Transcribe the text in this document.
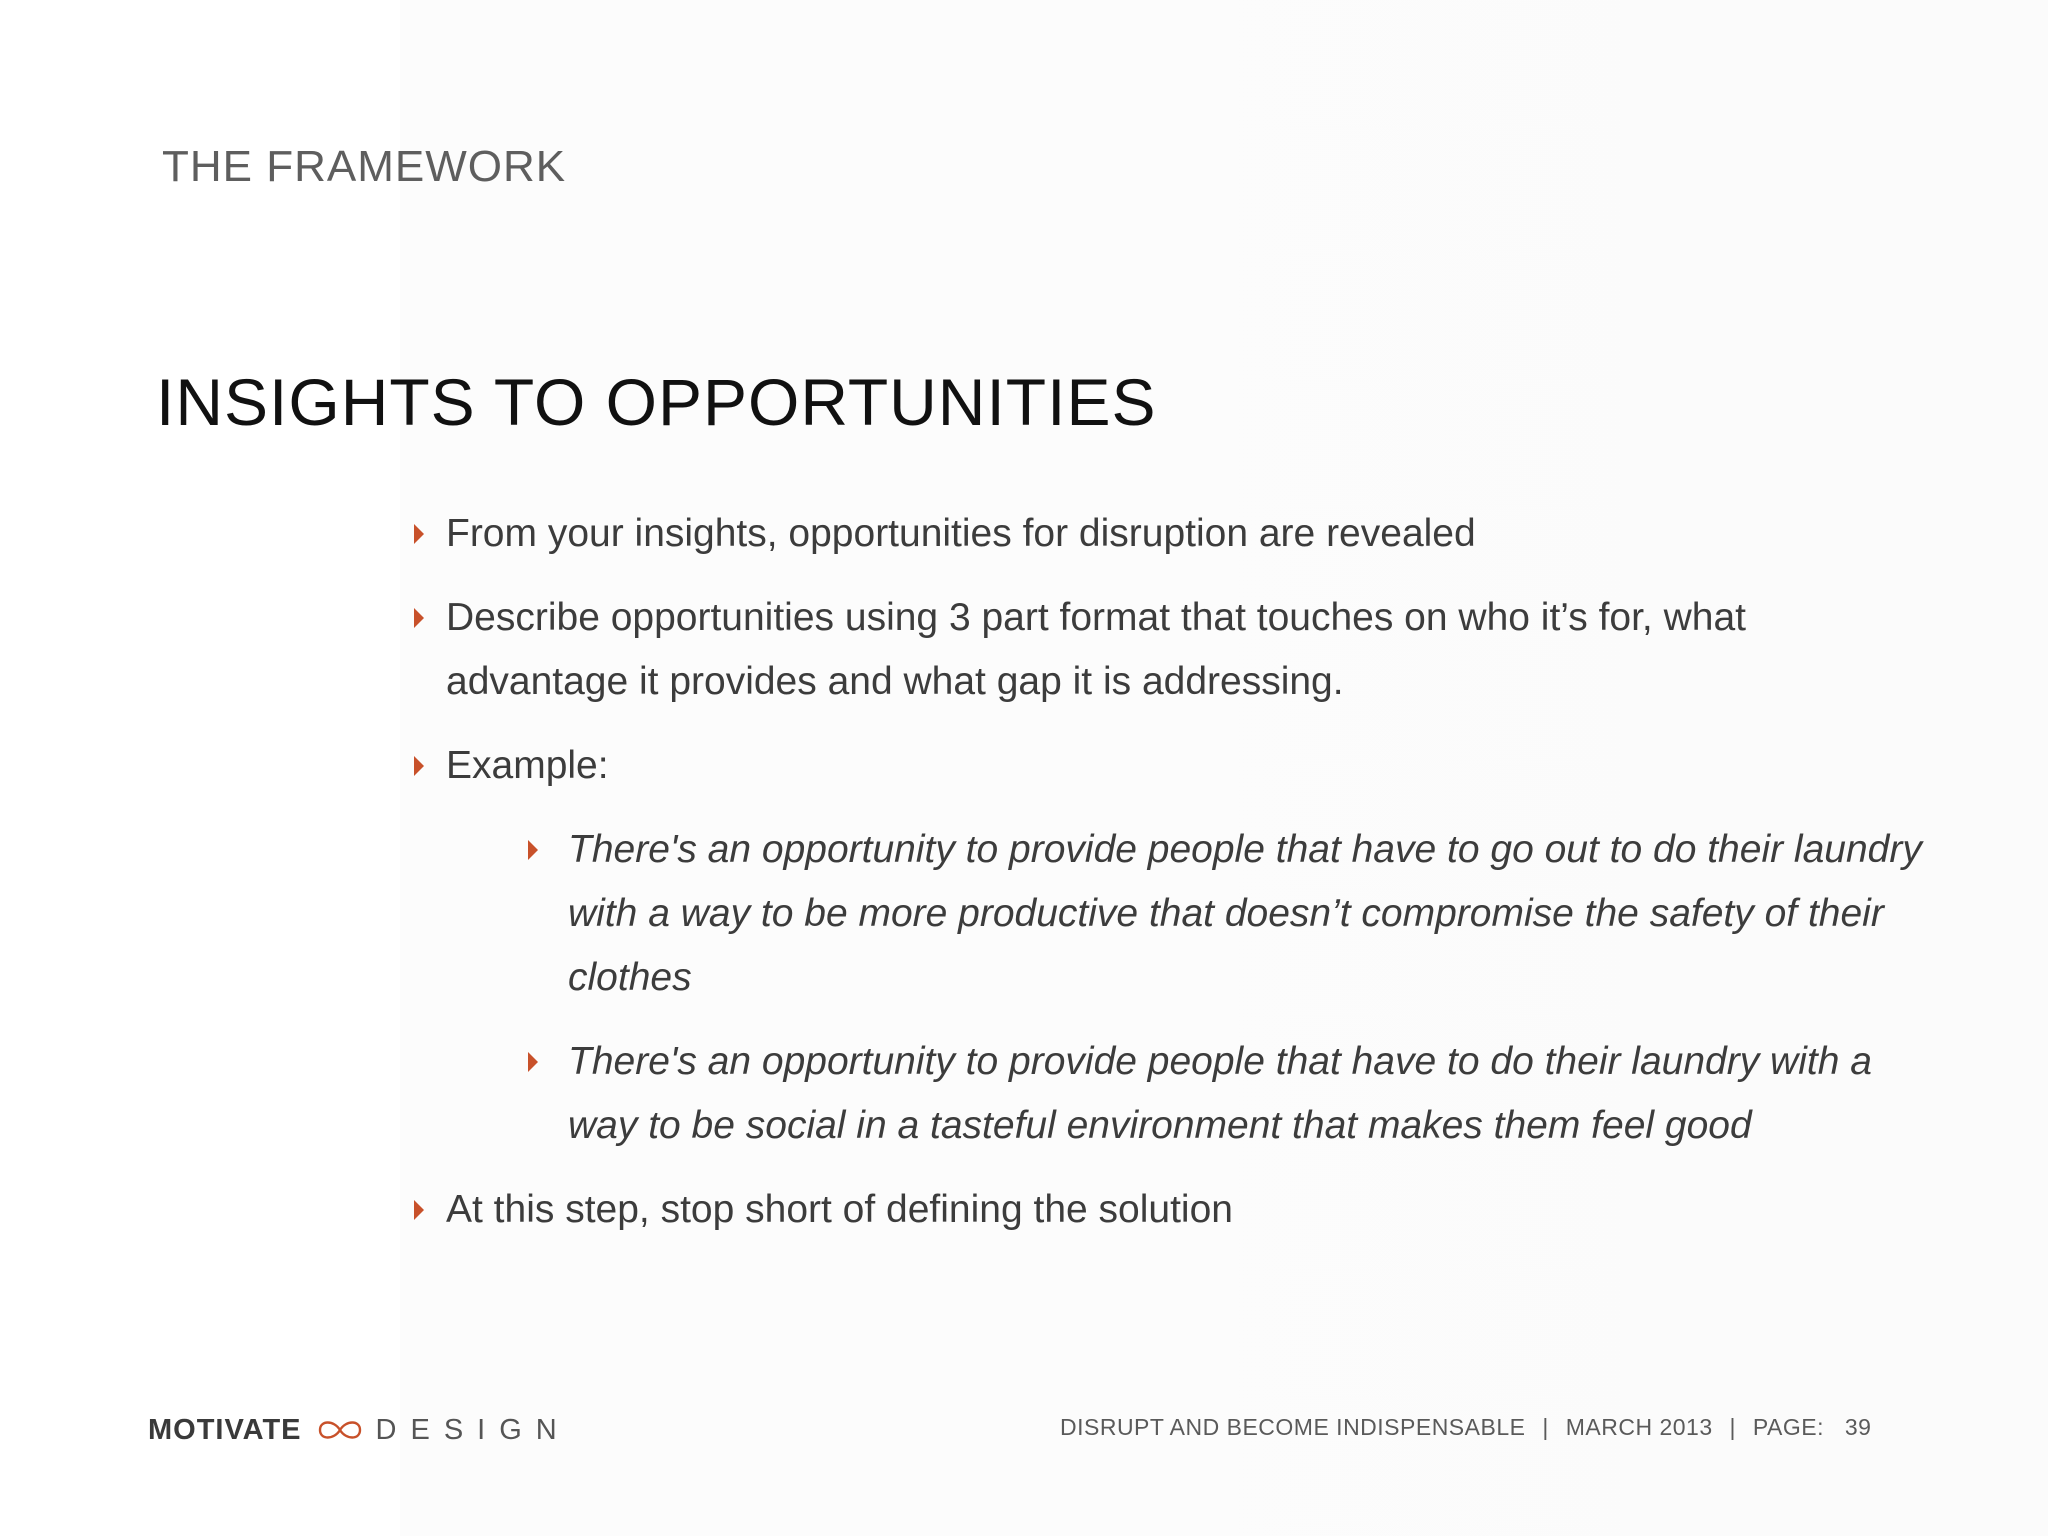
THE FRAMEWORK
INSIGHTS TO OPPORTUNITIES
From your insights, opportunities for disruption are revealed
Describe opportunities using 3 part format that touches on who it’s for, what advantage it provides and what gap it is addressing.
Example:
There's an opportunity to provide people that have to go out to do their laundry with a way to be more productive that doesn’t compromise the safety of their clothes
There's an opportunity to provide people that have to do their laundry with a way to be social in a tasteful environment that makes them feel good
At this step, stop short of defining the solution
MOTIVATE	DESIGN	DISRUPT AND BECOME INDISPENSABLE | MARCH 2013 | PAGE: 39
